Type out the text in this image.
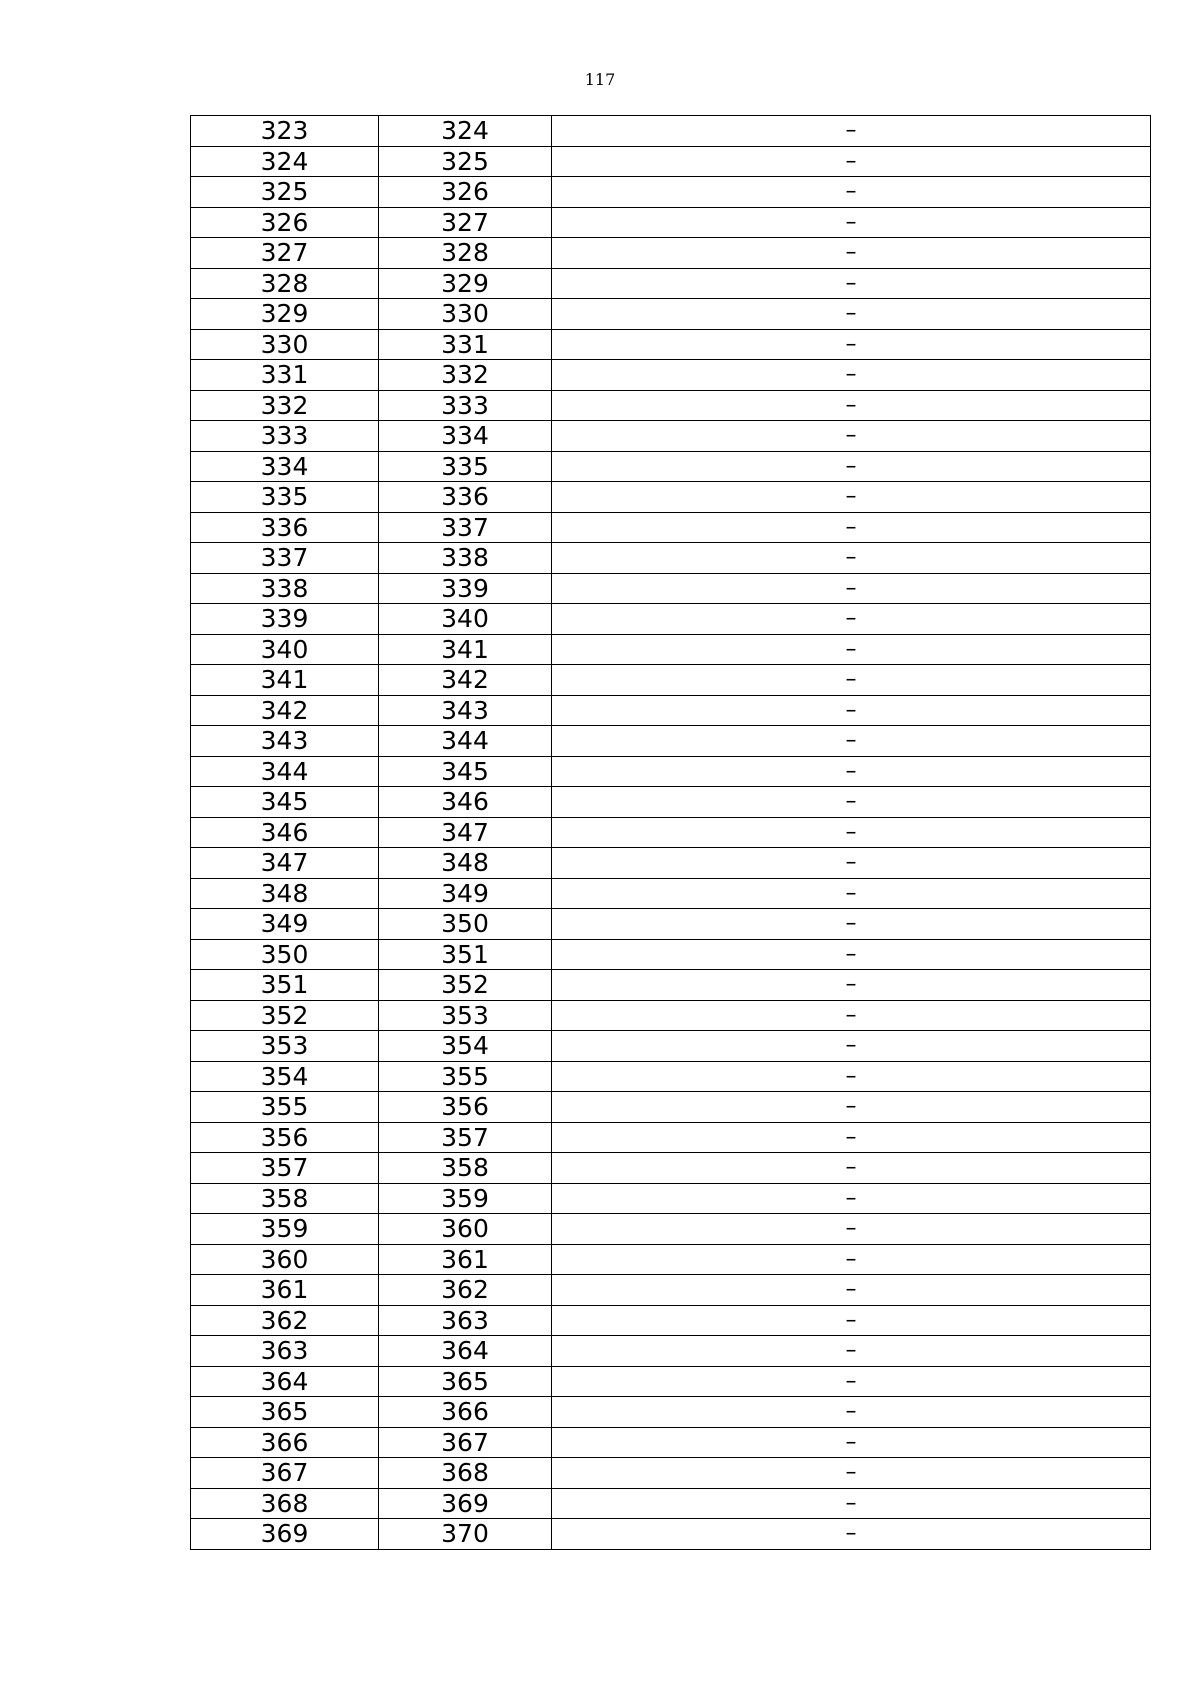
117
323	324	–
324	325	–
325	326	–
326	327	–
327	328	–
328	329	–
329	330	–
330	331	–
331	332	–
332	333	–
333	334	–
334	335	–
335	336	–
336	337	–
337	338	–
338	339	–
339	340	–
340	341	–
341	342	–
342	343	–
343	344	–
344	345	–
345	346	–
346	347	–
347	348	–
348	349	–
349	350	–
350	351	–
351	352	–
352	353	–
353	354	–
354	355	–
355	356	–
356	357	–
357	358	–
358	359	–
359	360	–
360	361	–
361	362	–
362	363	–
363	364	–
364	365	–
365	366	–
366	367	–
367	368	–
368	369	–
369	370	–
